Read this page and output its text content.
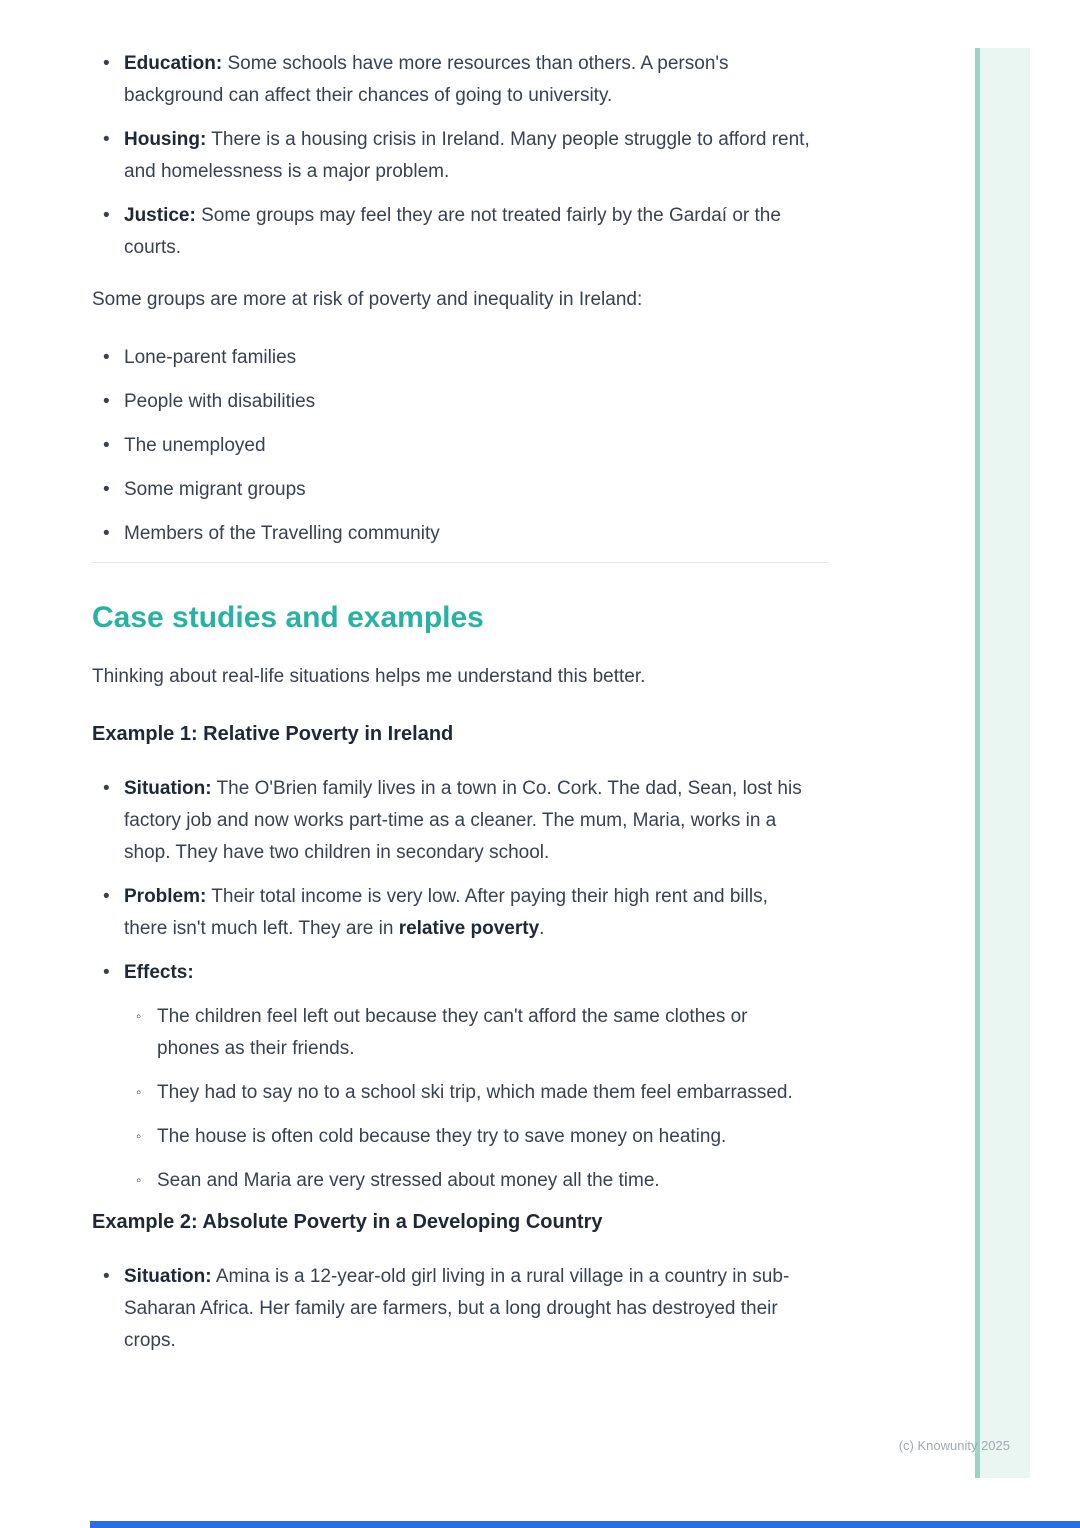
• Education: Some schools have more resources than others. A person's background can affect their chances of going to university.
• Housing: There is a housing crisis in Ireland. Many people struggle to afford rent, and homelessness is a major problem.
• Justice: Some groups may feel they are not treated fairly by the Gardaí or the courts.

Some groups are more at risk of poverty and inequality in Ireland:

• Lone-parent families
• People with disabilities
• The unemployed
• Some migrant groups
• Members of the Travelling community
Case studies and examples

Thinking about real-life situations helps me understand this better.

Example 1: Relative Poverty in Ireland
• Situation: The O'Brien family lives in a town in Co. Cork. The dad, Sean, lost his factory job and now works part-time as a cleaner. The mum, Maria, works in a shop. They have two children in secondary school.
• Problem: Their total income is very low. After paying their high rent and bills, there isn't much left. They are in relative poverty.
• Effects:
◦ The children feel left out because they can't afford the same clothes or phones as their friends.
◦ They had to say no to a school ski trip, which made them feel embarrassed.
◦ The house is often cold because they try to save money on heating.
◦ Sean and Maria are very stressed about money all the time.
Example 2: Absolute Poverty in a Developing Country
• Situation: Amina is a 12-year-old girl living in a rural village in a country in sub-Saharan Africa. Her family are farmers, but a long drought has destroyed their crops.
(c) Knowunity 2025
